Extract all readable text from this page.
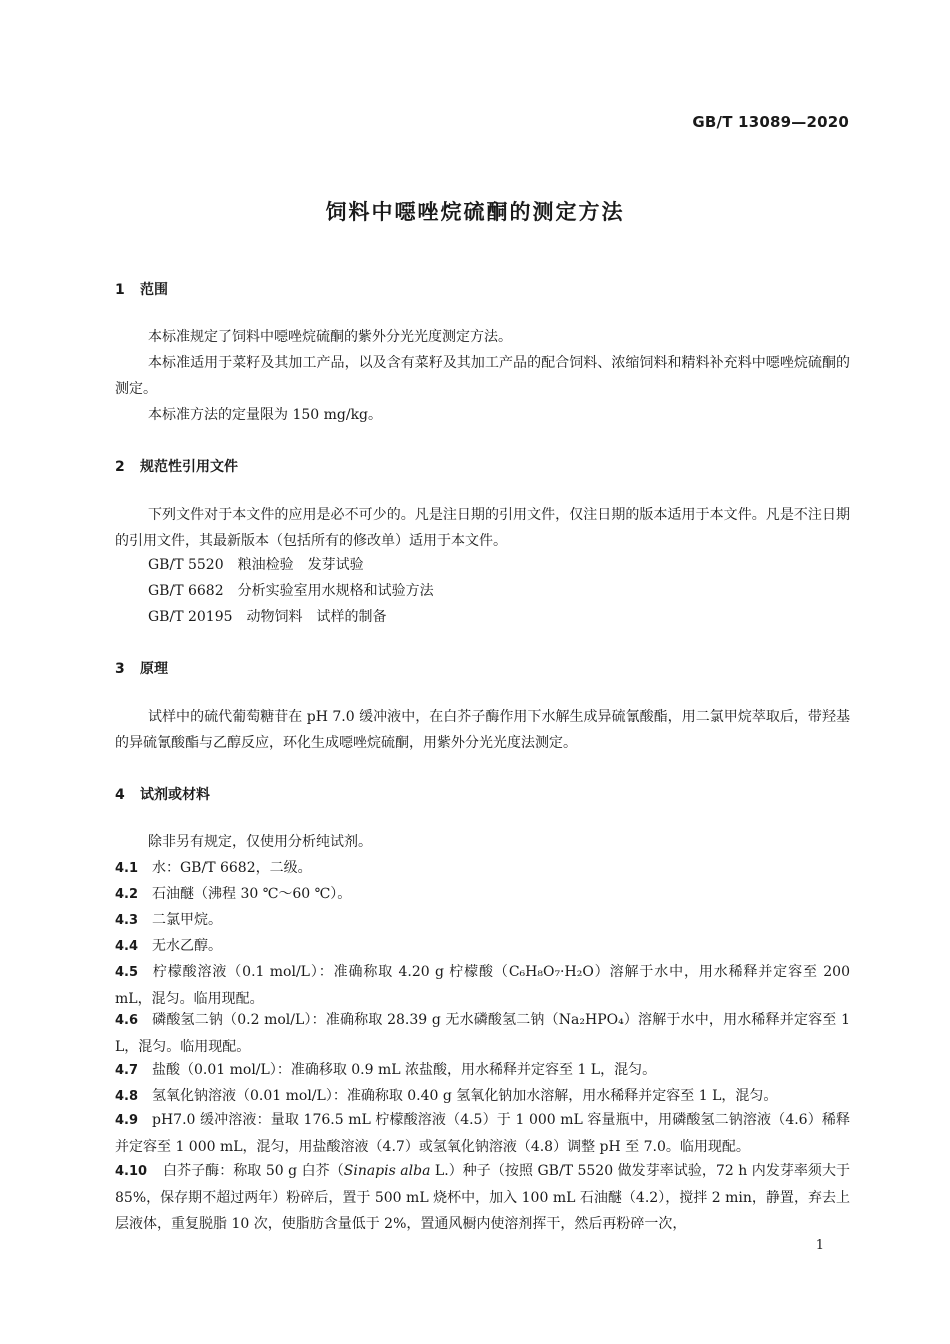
GB/T 13089—2020
饲料中噁唑烷硫酮的测定方法
1 范围
本标准规定了饲料中噁唑烷硫酮的紫外分光光度测定方法。
本标准适用于菜籽及其加工产品，以及含有菜籽及其加工产品的配合饲料、浓缩饲料和精料补充料中噁唑烷硫酮的测定。
本标准方法的定量限为 150 mg/kg。
2 规范性引用文件
下列文件对于本文件的应用是必不可少的。凡是注日期的引用文件，仅注日期的版本适用于本文件。凡是不注日期的引用文件，其最新版本（包括所有的修改单）适用于本文件。
GB/T 5520　粮油检验　发芽试验
GB/T 6682　分析实验室用水规格和试验方法
GB/T 20195　动物饲料　试样的制备
3 原理
试样中的硫代葡萄糖苷在 pH 7.0 缓冲液中，在白芥子酶作用下水解生成异硫氰酸酯，用二氯甲烷萃取后，带羟基的异硫氰酸酯与乙醇反应，环化生成噁唑烷硫酮，用紫外分光光度法测定。
4 试剂或材料
除非另有规定，仅使用分析纯试剂。
4.1 水：GB/T 6682，二级。
4.2 石油醚（沸程 30 ℃～60 ℃）。
4.3 二氯甲烷。
4.4 无水乙醇。
4.5 柠檬酸溶液（0.1 mol/L）：准确称取 4.20 g 柠檬酸（C₆H₈O₇·H₂O）溶解于水中，用水稀释并定容至 200 mL，混匀。临用现配。
4.6 磷酸氢二钠（0.2 mol/L）：准确称取 28.39 g 无水磷酸氢二钠（Na₂HPO₄）溶解于水中，用水稀释并定容至 1 L，混匀。临用现配。
4.7 盐酸（0.01 mol/L）：准确移取 0.9 mL 浓盐酸，用水稀释并定容至 1 L，混匀。
4.8 氢氧化钠溶液（0.01 mol/L）：准确称取 0.40 g 氢氧化钠加水溶解，用水稀释并定容至 1 L，混匀。
4.9 pH7.0 缓冲溶液：量取 176.5 mL 柠檬酸溶液（4.5）于 1 000 mL 容量瓶中，用磷酸氢二钠溶液（4.6）稀释并定容至 1 000 mL，混匀，用盐酸溶液（4.7）或氢氧化钠溶液（4.8）调整 pH 至 7.0。临用现配。
4.10 白芥子酶：称取 50 g 白芥（Sinapis alba L.）种子（按照 GB/T 5520 做发芽率试验，72 h 内发芽率须大于 85%，保存期不超过两年）粉碎后，置于 500 mL 烧杯中，加入 100 mL 石油醚（4.2），搅拌 2 min，静置，弃去上层液体，重复脱脂 10 次，使脂肪含量低于 2%，置通风橱内使溶剂挥干，然后再粉碎一次，
1
